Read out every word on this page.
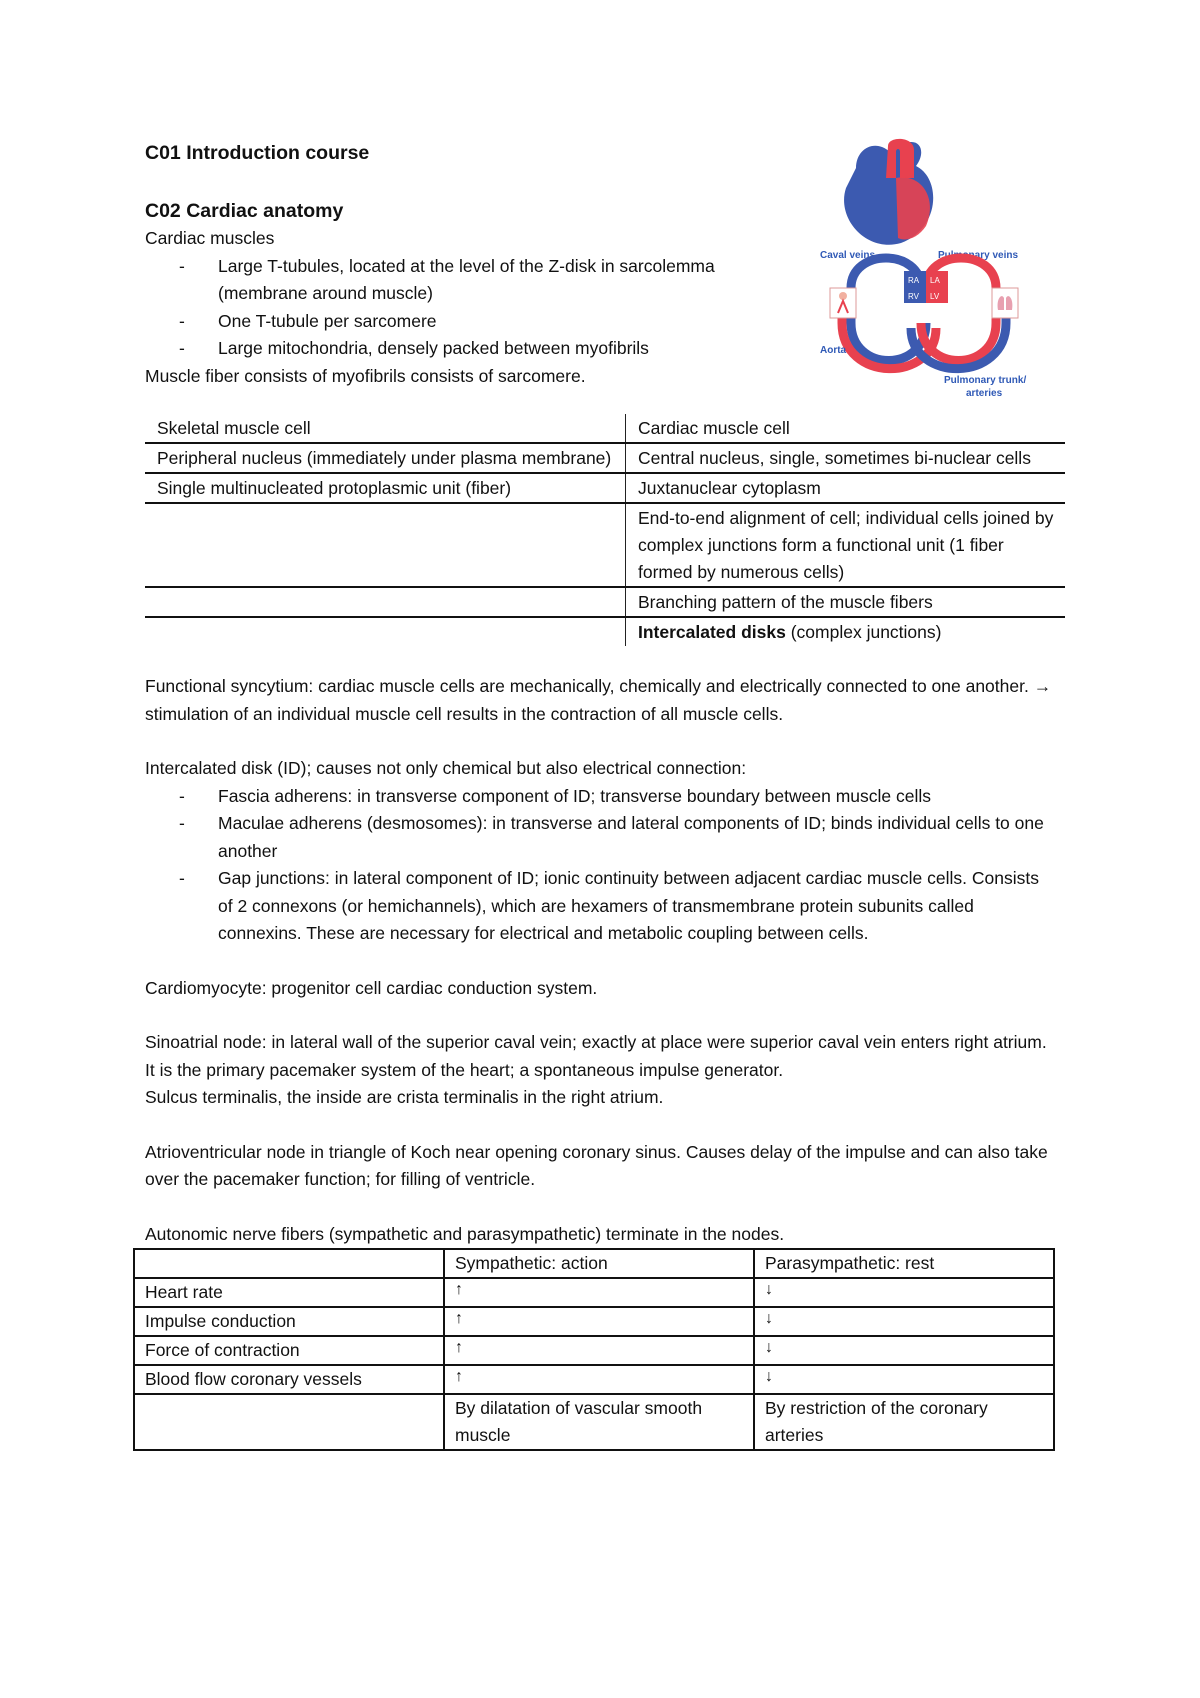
Caval veins	Pulmonary veins
RA LA
RV LV
Aorta
Pulmonary trunk/
arteries

C01 Introduction course

C02 Cardiac anatomy

Cardiac muscles

- Large T-tubules, located at the level of the Z-disk in sarcolemma (membrane around muscle)
- One T-tubule per sarcomere
- Large mitochondria, densely packed between myofibrils

Muscle fiber consists of myofibrils consists of sarcomere.

Skeletal muscle cell	Cardiac muscle cell
Peripheral nucleus (immediately under plasma membrane)	Central nucleus, single, sometimes bi-nuclear cells
Single multinucleated protoplasmic unit (fiber)	Juxtanuclear cytoplasm
	End-to-end alignment of cell; individual cells joined by complex junctions form a functional unit (1 fiber formed by numerous cells)
	Branching pattern of the muscle fibers
	Intercalated disks (complex junctions)

Functional syncytium: cardiac muscle cells are mechanically, chemically and electrically connected to one another. → stimulation of an individual muscle cell results in the contraction of all muscle cells.

Intercalated disk (ID); causes not only chemical but also electrical connection:

- Fascia adherens: in transverse component of ID; transverse boundary between muscle cells
- Maculae adherens (desmosomes): in transverse and lateral components of ID; binds individual cells to one another
- Gap junctions: in lateral component of ID; ionic continuity between adjacent cardiac muscle cells. Consists of 2 connexons (or hemichannels), which are hexamers of transmembrane protein subunits called connexins. These are necessary for electrical and metabolic coupling between cells.

Cardiomyocyte: progenitor cell cardiac conduction system.

Sinoatrial node: in lateral wall of the superior caval vein; exactly at place were superior caval vein enters right atrium. It is the primary pacemaker system of the heart; a spontaneous impulse generator.

Sulcus terminalis, the inside are crista terminalis in the right atrium.

Atrioventricular node in triangle of Koch near opening coronary sinus. Causes delay of the impulse and can also take over the pacemaker function; for filling of ventricle.

Autonomic nerve fibers (sympathetic and parasympathetic) terminate in the nodes.

	Sympathetic: action	Parasympathetic: rest
Heart rate	↑	↓
Impulse conduction	↑	↓
Force of contraction	↑	↓
Blood flow coronary vessels	↑	↓
	By dilatation of vascular smooth muscle	By restriction of the coronary arteries
